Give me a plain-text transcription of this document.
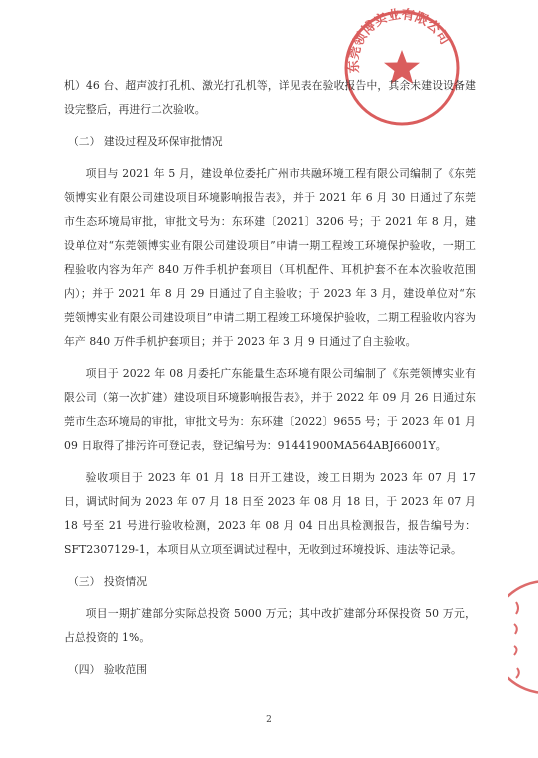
东莞领博实业有限公司

机）46 台、超声波打孔机、激光打孔机等，详见表在验收报告中，其余未建设设备建设完整后，再进行二次验收。

（二） 建设过程及环保审批情况

项目与 2021 年 5 月，建设单位委托广州市共融环境工程有限公司编制了《东莞领博实业有限公司建设项目环境影响报告表》，并于 2021 年 6 月 30 日通过了东莞市生态环境局审批，审批文号为：东环建〔2021〕3206 号；于 2021 年 8 月，建设单位对“东莞领博实业有限公司建设项目”申请一期工程竣工环境保护验收，一期工程验收内容为年产 840 万件手机护套项目（耳机配件、耳机护套不在本次验收范围内）；并于 2021 年 8 月 29 日通过了自主验收；于 2023 年 3 月，建设单位对“东莞领博实业有限公司建设项目”申请二期工程竣工环境保护验收，二期工程验收内容为年产 840 万件手机护套项目；并于 2023 年 3 月 9 日通过了自主验收。

项目于 2022 年 08 月委托广东能量生态环境有限公司编制了《东莞领博实业有限公司（第一次扩建）建设项目环境影响报告表》，并于 2022 年 09 月 26 日通过东莞市生态环境局的审批，审批文号为：东环建〔2022〕9655 号；于 2023 年 01 月 09 日取得了排污许可登记表，登记编号为：91441900MA564ABJ66001Y。

验收项目于 2023 年 01 月 18 日开工建设，竣工日期为 2023 年 07 月 17 日，调试时间为 2023 年 07 月 18 日至 2023 年 08 月 18 日，于 2023 年 07 月 18 号至 21 号进行验收检测，2023 年 08 月 04 日出具检测报告，报告编号为：SFT2307129-1，本项目从立项至调试过程中，无收到过环境投诉、违法等记录。

（三） 投资情况

项目一期扩建部分实际总投资 5000 万元；其中改扩建部分环保投资 50 万元，占总投资的 1%。

（四） 验收范围

2
